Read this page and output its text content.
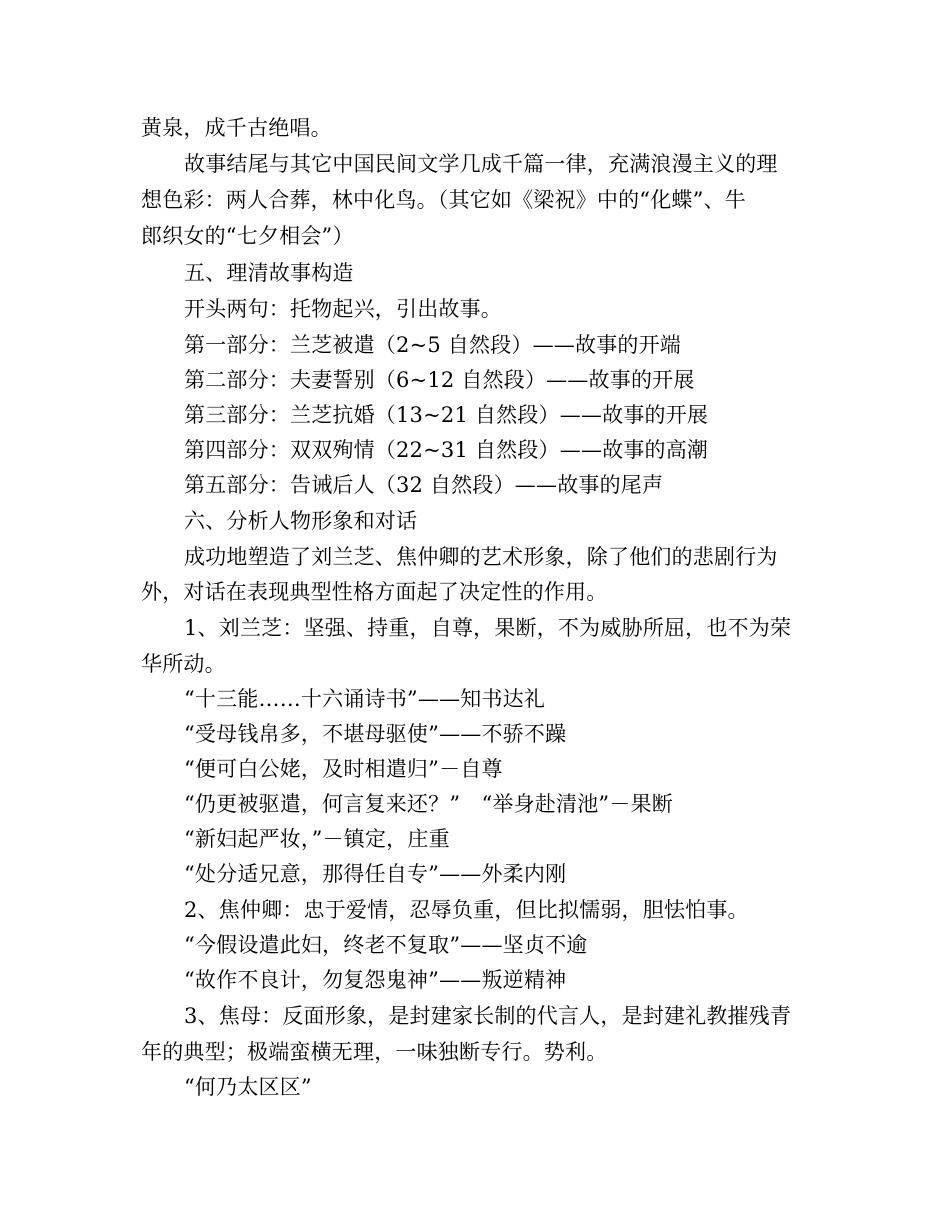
黄泉，成千古绝唱。
故事结尾与其它中国民间文学几成千篇一律，充满浪漫主义的理
想色彩：两人合葬，林中化鸟。（其它如《梁祝》中的“化蝶”、牛
郎织女的“七夕相会”）
五、理清故事构造
开头两句：托物起兴，引出故事。
第一部分：兰芝被遣（2~5 自然段）——故事的开端
第二部分：夫妻誓别（6~12 自然段）——故事的开展
第三部分：兰芝抗婚（13~21 自然段）——故事的开展
第四部分：双双殉情（22~31 自然段）——故事的高潮
第五部分：告诫后人（32 自然段）——故事的尾声
六、分析人物形象和对话
成功地塑造了刘兰芝、焦仲卿的艺术形象，除了他们的悲剧行为
外，对话在表现典型性格方面起了决定性的作用。
1、刘兰芝：坚强、持重，自尊，果断，不为威胁所屈，也不为荣
华所动。
“十三能……十六诵诗书”——知书达礼
“受母钱帛多，不堪母驱使”——不骄不躁
“便可白公姥，及时相遣归”－自尊
“仍更被驱遣，何言复来还？”　“举身赴清池”－果断
“新妇起严妆，”－镇定，庄重
“处分适兄意，那得任自专”——外柔内刚
2、焦仲卿：忠于爱情，忍辱负重，但比拟懦弱，胆怯怕事。
“今假设遣此妇，终老不复取”——坚贞不逾
“故作不良计，勿复怨鬼神”——叛逆精神
3、焦母：反面形象，是封建家长制的代言人，是封建礼教摧残青
年的典型；极端蛮横无理，一味独断专行。势利。
“何乃太区区”
